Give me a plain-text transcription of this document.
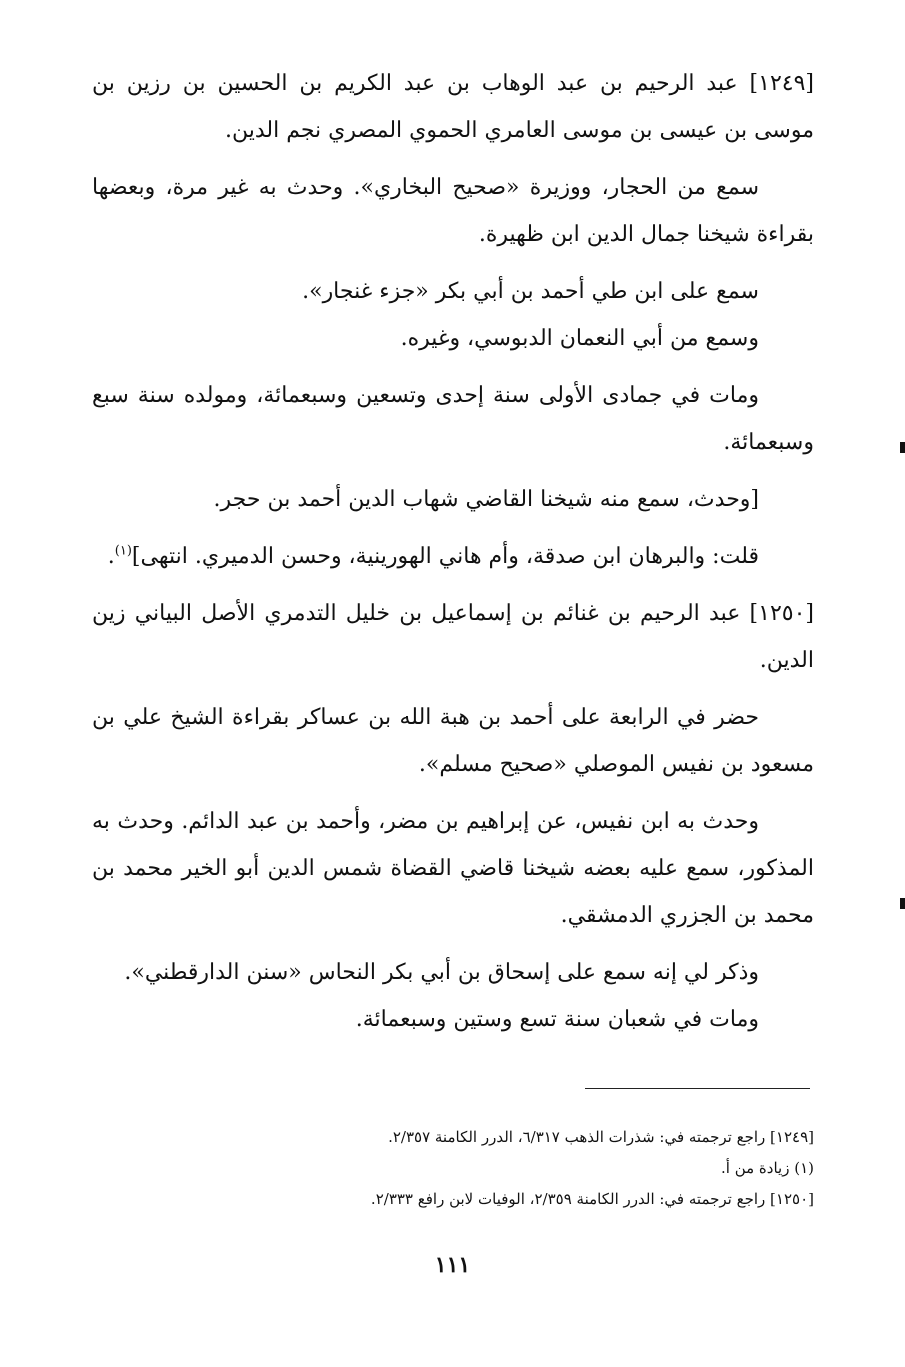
[١٢٤٩] عبد الرحيم بن عبد الوهاب بن عبد الكريم بن الحسين بن رزين بن موسى بن عيسى بن موسى العامري الحموي المصري نجم الدين.

سمع من الحجار، ووزيرة «صحيح البخاري». وحدث به غير مرة، وبعضها بقراءة شيخنا جمال الدين ابن ظهيرة.

سمع على ابن طي أحمد بن أبي بكر «جزء غنجار».

وسمع من أبي النعمان الدبوسي، وغيره.

ومات في جمادى الأولى سنة إحدى وتسعين وسبعمائة، ومولده سنة سبع وسبعمائة.

[وحدث، سمع منه شيخنا القاضي شهاب الدين أحمد بن حجر.

قلت: والبرهان ابن صدقة، وأم هاني الهورينية، وحسن الدميري. انتهى]$^{(١)}$.

[١٢٥٠] عبد الرحيم بن غنائم بن إسماعيل بن خليل التدمري الأصل البياني زين الدين.

حضر في الرابعة على أحمد بن هبة الله بن عساكر بقراءة الشيخ علي بن مسعود بن نفيس الموصلي «صحيح مسلم».

وحدث به ابن نفيس، عن إبراهيم بن مضر، وأحمد بن عبد الدائم. وحدث به المذكور، سمع عليه بعضه شيخنا قاضي القضاة شمس الدين أبو الخير محمد بن محمد بن الجزري الدمشقي.

وذكر لي إنه سمع على إسحاق بن أبي بكر النحاس «سنن الدارقطني».

ومات في شعبان سنة تسع وستين وسبعمائة.

[١٢٤٩] راجع ترجمته في: شذرات الذهب ٦/٣١٧، الدرر الكامنة ٢/٣٥٧.

(١) زيادة من أ.

[١٢٥٠] راجع ترجمته في: الدرر الكامنة ٢/٣٥٩، الوفيات لابن رافع ٢/٣٣٣.

١١١
